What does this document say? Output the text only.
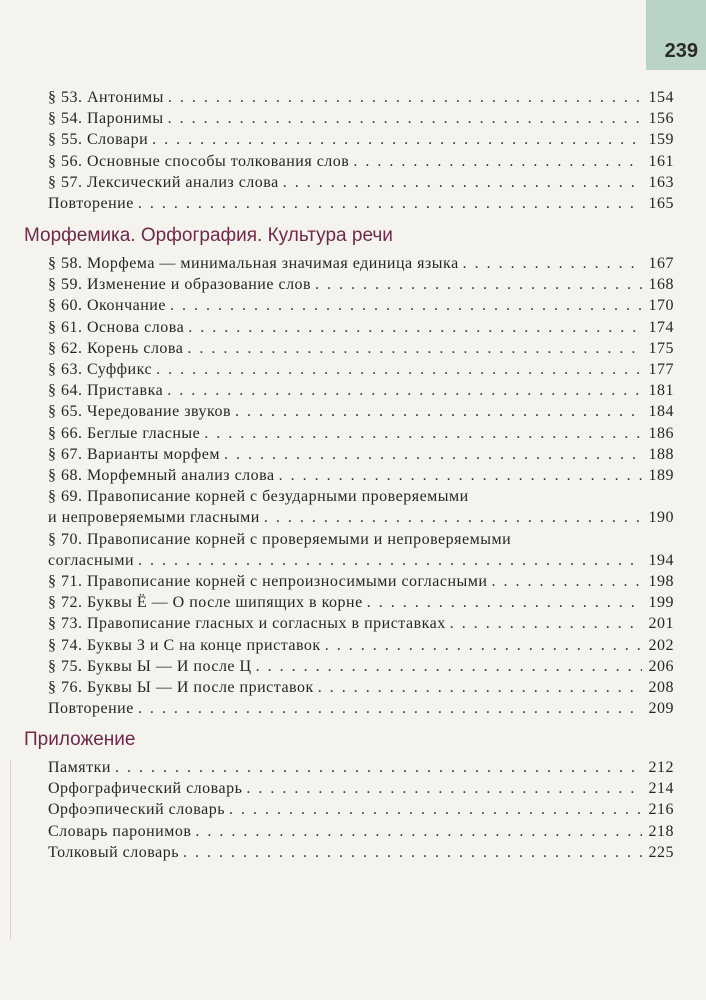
239
§ 53. Антонимы . . .	154
§ 54. Паронимы . . .	156
§ 55. Словари . . .	159
§ 56. Основные способы толкования слов . . .	161
§ 57. Лексический анализ слова . . .	163
Повторение . . .	165
Морфемика. Орфография. Культура речи
§ 58. Морфема — минимальная значимая единица языка . . .	167
§ 59. Изменение и образование слов . . .	168
§ 60. Окончание . . .	170
§ 61. Основа слова . . .	174
§ 62. Корень слова . . .	175
§ 63. Суффикс . . .	177
§ 64. Приставка . . .	181
§ 65. Чередование звуков . . .	184
§ 66. Беглые гласные . . .	186
§ 67. Варианты морфем . . .	188
§ 68. Морфемный анализ слова . . .	189
§ 69. Правописание корней с безударными проверяемыми
и непроверяемыми гласными . . .	190
§ 70. Правописание корней с проверяемыми и непроверяемыми
согласными . . .	194
§ 71. Правописание корней с непроизносимыми согласными . . .	198
§ 72. Буквы Ё — О после шипящих в корне . . .	199
§ 73. Правописание гласных и согласных в приставках . . .	201
§ 74. Буквы З и С на конце приставок . . .	202
§ 75. Буквы Ы — И после Ц . . .	206
§ 76. Буквы Ы — И после приставок . . .	208
Повторение . . .	209
Приложение
Памятки . . .	212
Орфографический словарь . . .	214
Орфоэпический словарь . . .	216
Словарь паронимов . . .	218
Толковый словарь . . .	225
